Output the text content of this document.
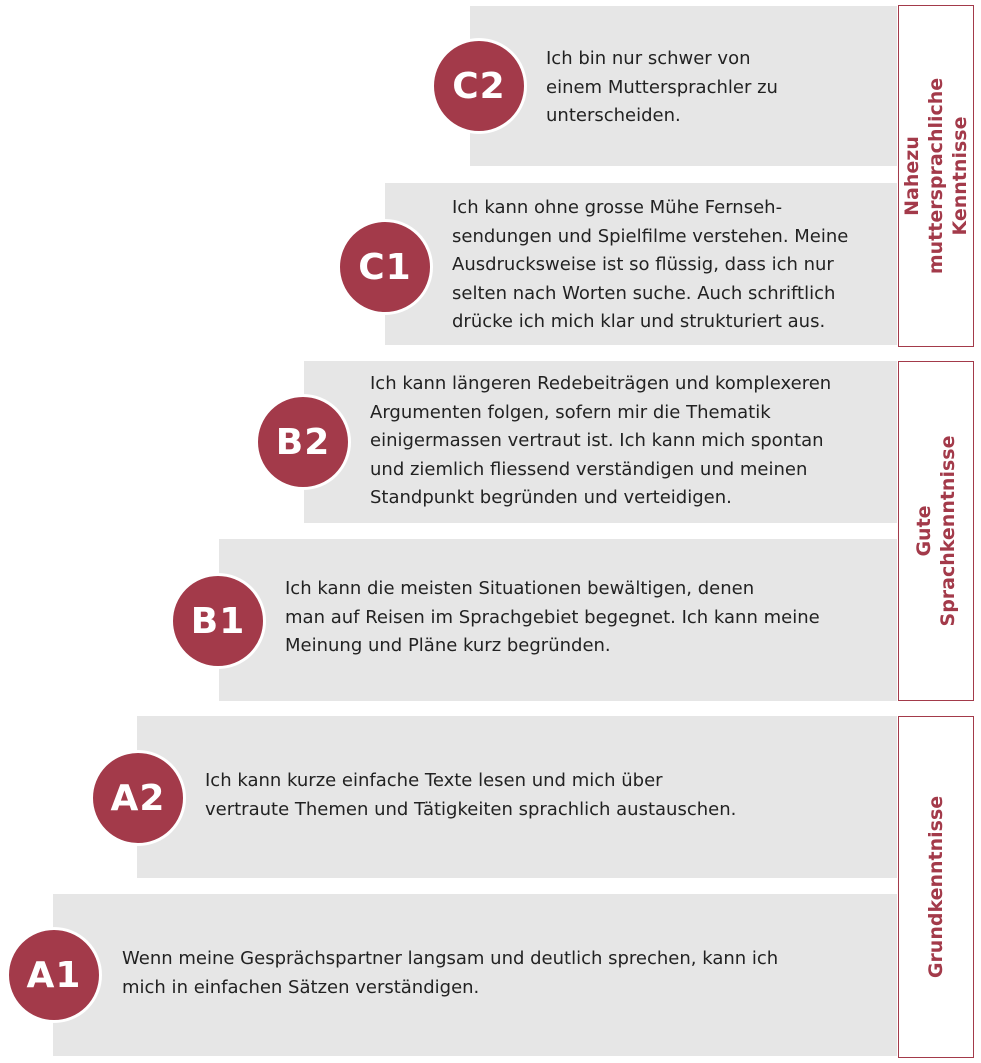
C2
Ich bin nur schwer von
einem Muttersprachler zu
unterscheiden.
C1
Ich kann ohne grosse Mühe Fernseh-
sendungen und Spielfilme verstehen. Meine
Ausdrucksweise ist so flüssig, dass ich nur
selten nach Worten suche. Auch schriftlich
drücke ich mich klar und strukturiert aus.
B2
Ich kann längeren Redebeiträgen und komplexeren
Argumenten folgen, sofern mir die Thematik
einigermassen vertraut ist. Ich kann mich spontan
und ziemlich fliessend verständigen und meinen
Standpunkt begründen und verteidigen.
B1
Ich kann die meisten Situationen bewältigen, denen
man auf Reisen im Sprachgebiet begegnet. Ich kann meine
Meinung und Pläne kurz begründen.
A2	Ich kann kurze einfache Texte lesen und mich über
vertraute Themen und Tätigkeiten sprachlich austauschen.
A1	Wenn meine Gesprächspartner langsam und deutlich sprechen, kann ich
mich in einfachen Sätzen verständigen.
Nahezu muttersprachliche
Kenntnisse
Gute Sprachkenntnisse
Grundkenntnisse
